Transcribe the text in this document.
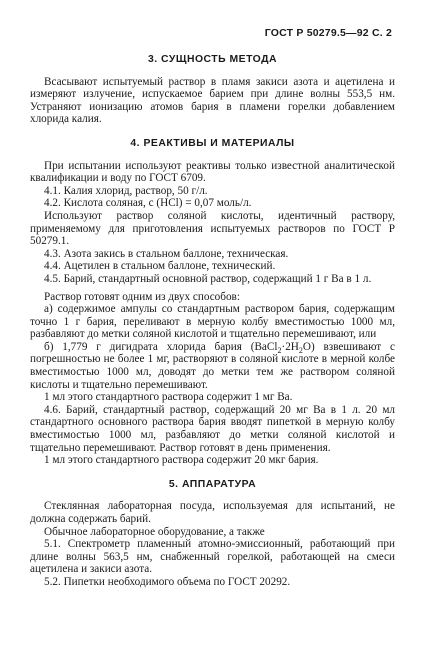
ГОСТ Р 50279.5—92 С. 2
3. СУЩНОСТЬ МЕТОДА

Всасывают испытуемый раствор в пламя закиси азота и ацетилена и измеряют излучение, испускаемое барием при длине волны 553,5 нм. Устраняют ионизацию атомов бария в пламени горелки добавлением хлорида калия.

4. РЕАКТИВЫ И МАТЕРИАЛЫ

При испытании используют реактивы только известной аналитической квалификации и воду по ГОСТ 6709.

4.1. Калия хлорид, раствор, 50 г/л.

4.2. Кислота соляная, с (HCl) = 0,07 моль/л.

Используют раствор соляной кислоты, идентичный раствору, применяемому для приготовления испытуемых растворов по ГОСТ Р 50279.1.

4.3. Азота закись в стальном баллоне, техническая.

4.4. Ацетилен в стальном баллоне, технический.

4.5. Барий, стандартный основной раствор, содержащий 1 г Ba в 1 л.

Раствор готовят одним из двух способов:

а) содержимое ампулы со стандартным раствором бария, содержащим точно 1 г бария, переливают в мерную колбу вместимостью 1000 мл, разбавляют до метки соляной кислотой и тщательно перемешивают, или

б) 1,779 г дигидрата хлорида бария $(BaCl_2\cdot 2H_2O)$ взвешивают с погрешностью не более 1 мг, растворяют в соляной кислоте в мерной колбе вместимостью 1000 мл, доводят до метки тем же раствором соляной кислоты и тщательно перемешивают.

1 мл этого стандартного раствора содержит 1 мг Ba.

4.6. Барий, стандартный раствор, содержащий 20 мг Ba в 1 л. 20 мл стандартного основного раствора бария вводят пипеткой в мерную колбу вместимостью 1000 мл, разбавляют до метки соляной кислотой и тщательно перемешивают. Раствор готовят в день применения.

1 мл этого стандартного раствора содержит 20 мкг бария.

5. АППАРАТУРА

Стеклянная лабораторная посуда, используемая для испытаний, не должна содержать барий.

Обычное лабораторное оборудование, а также

5.1. Спектрометр пламенный атомно-эмиссионный, работающий при длине волны 563,5 нм, снабженный горелкой, работающей на смеси ацетилена и закиси азота.

5.2. Пипетки необходимого объема по ГОСТ 20292.
